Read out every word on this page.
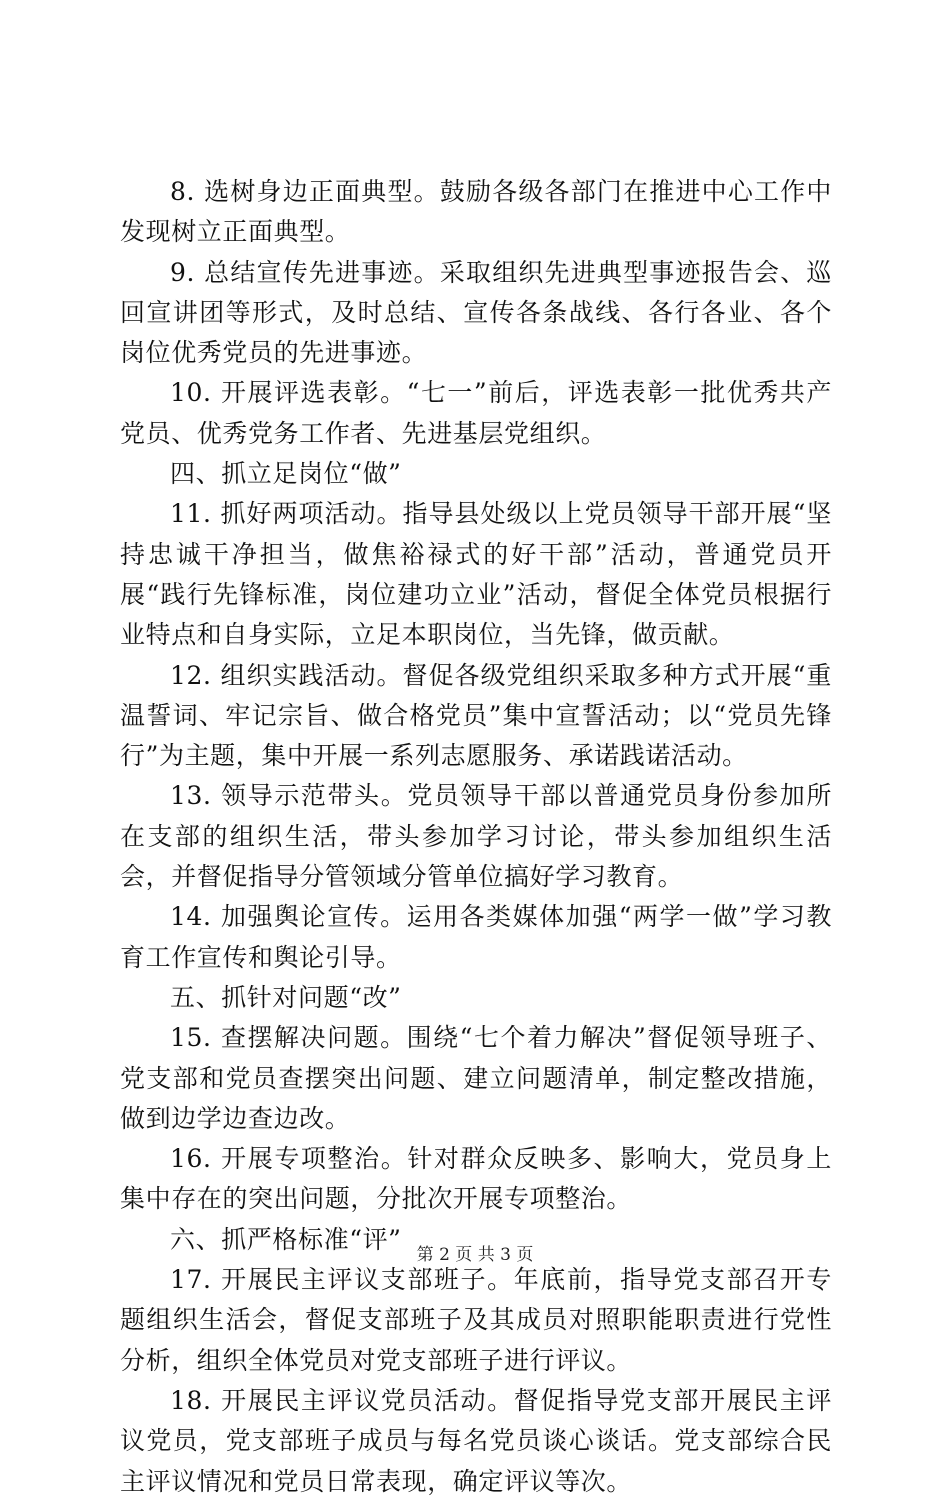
8. 选树身边正面典型。鼓励各级各部门在推进中心工作中发现树立正面典型。

9. 总结宣传先进事迹。采取组织先进典型事迹报告会、巡回宣讲团等形式，及时总结、宣传各条战线、各行各业、各个岗位优秀党员的先进事迹。

10. 开展评选表彰。“七一”前后，评选表彰一批优秀共产党员、优秀党务工作者、先进基层党组织。

四、抓立足岗位“做”

11. 抓好两项活动。指导县处级以上党员领导干部开展“坚持忠诚干净担当，做焦裕禄式的好干部”活动，普通党员开展“践行先锋标准，岗位建功立业”活动，督促全体党员根据行业特点和自身实际，立足本职岗位，当先锋，做贡献。

12. 组织实践活动。督促各级党组织采取多种方式开展“重温誓词、牢记宗旨、做合格党员”集中宣誓活动；以“党员先锋行”为主题，集中开展一系列志愿服务、承诺践诺活动。

13. 领导示范带头。党员领导干部以普通党员身份参加所在支部的组织生活，带头参加学习讨论，带头参加组织生活会，并督促指导分管领域分管单位搞好学习教育。

14. 加强舆论宣传。运用各类媒体加强“两学一做”学习教育工作宣传和舆论引导。

五、抓针对问题“改”

15. 查摆解决问题。围绕“七个着力解决”督促领导班子、党支部和党员查摆突出问题、建立问题清单，制定整改措施，做到边学边查边改。

16. 开展专项整治。针对群众反映多、影响大，党员身上集中存在的突出问题，分批次开展专项整治。

六、抓严格标准“评”

17. 开展民主评议支部班子。年底前，指导党支部召开专题组织生活会，督促支部班子及其成员对照职能职责进行党性分析，组织全体党员对党支部班子进行评议。

18. 开展民主评议党员活动。督促指导党支部开展民主评议党员，党支部班子成员与每名党员谈心谈话。党支部综合民主评议情况和党员日常表现，确定评议等次。

第 2 页 共 3 页
